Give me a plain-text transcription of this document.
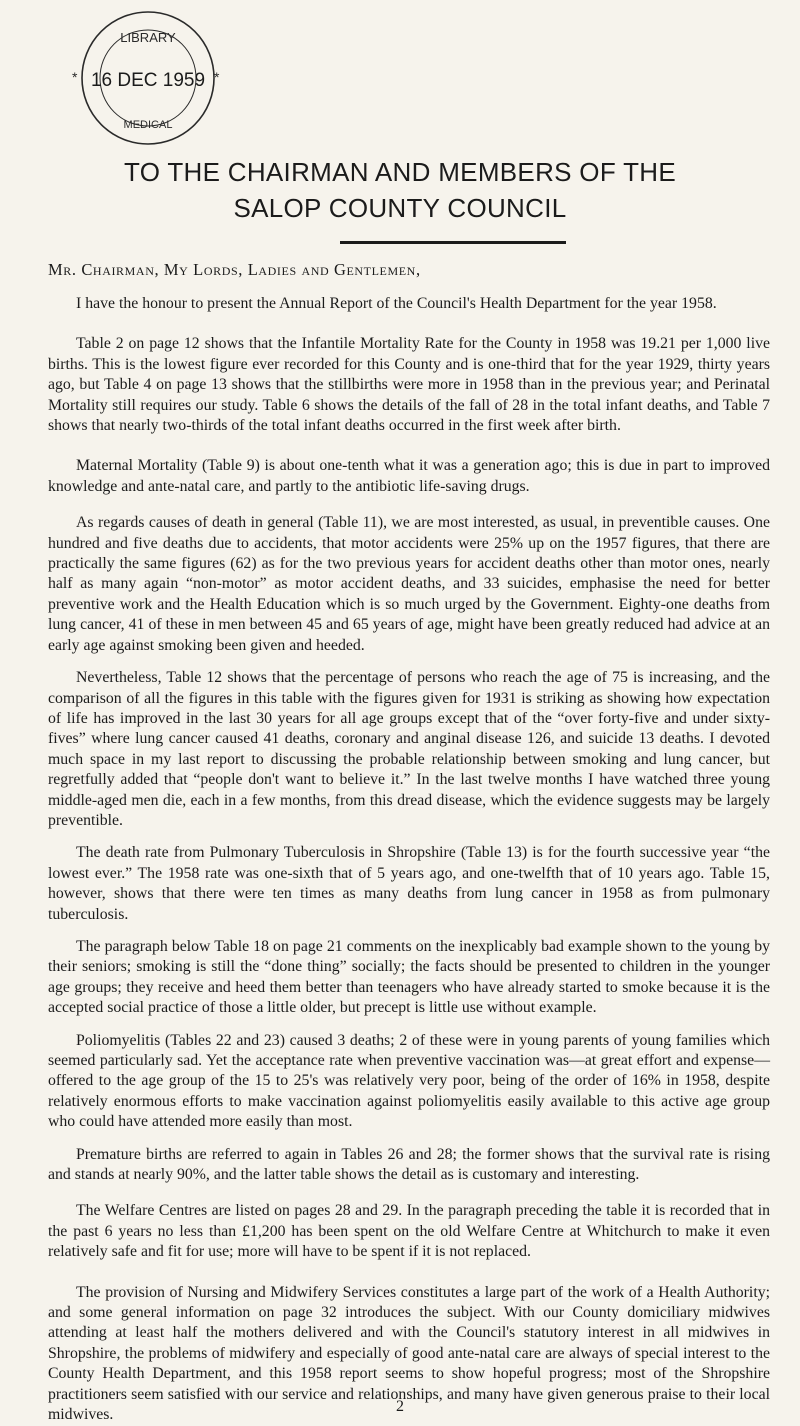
LIBRARY
16 DEC 1959
MEDICAL
*	*
TO THE CHAIRMAN AND MEMBERS OF THE
SALOP COUNTY COUNCIL
Mr. Chairman, My Lords, Ladies and Gentlemen,

I have the honour to present the Annual Report of the Council's Health Department for the year 1958.

Table 2 on page 12 shows that the Infantile Mortality Rate for the County in 1958 was 19.21 per 1,000 live births. This is the lowest figure ever recorded for this County and is one-third that for the year 1929, thirty years ago, but Table 4 on page 13 shows that the stillbirths were more in 1958 than in the previous year; and Perinatal Mortality still requires our study. Table 6 shows the details of the fall of 28 in the total infant deaths, and Table 7 shows that nearly two-thirds of the total infant deaths occurred in the first week after birth.

Maternal Mortality (Table 9) is about one-tenth what it was a generation ago; this is due in part to improved knowledge and ante-natal care, and partly to the antibiotic life-saving drugs.

As regards causes of death in general (Table 11), we are most interested, as usual, in preventible causes. One hundred and five deaths due to accidents, that motor accidents were 25% up on the 1957 figures, that there are practically the same figures (62) as for the two previous years for accident deaths other than motor ones, nearly half as many again “non-motor” as motor accident deaths, and 33 suicides, emphasise the need for better preventive work and the Health Education which is so much urged by the Government. Eighty-one deaths from lung cancer, 41 of these in men between 45 and 65 years of age, might have been greatly reduced had advice at an early age against smoking been given and heeded.

Nevertheless, Table 12 shows that the percentage of persons who reach the age of 75 is increasing, and the comparison of all the figures in this table with the figures given for 1931 is striking as showing how expectation of life has improved in the last 30 years for all age groups except that of the “over forty-five and under sixty-fives” where lung cancer caused 41 deaths, coronary and anginal disease 126, and suicide 13 deaths. I devoted much space in my last report to discussing the probable relationship between smoking and lung cancer, but regretfully added that “people don't want to believe it.” In the last twelve months I have watched three young middle-aged men die, each in a few months, from this dread disease, which the evidence suggests may be largely preventible.

The death rate from Pulmonary Tuberculosis in Shropshire (Table 13) is for the fourth successive year “the lowest ever.” The 1958 rate was one-sixth that of 5 years ago, and one-twelfth that of 10 years ago. Table 15, however, shows that there were ten times as many deaths from lung cancer in 1958 as from pulmonary tuberculosis.

The paragraph below Table 18 on page 21 comments on the inexplicably bad example shown to the young by their seniors; smoking is still the “done thing” socially; the facts should be presented to children in the younger age groups; they receive and heed them better than teenagers who have already started to smoke because it is the accepted social practice of those a little older, but precept is little use without example.

Poliomyelitis (Tables 22 and 23) caused 3 deaths; 2 of these were in young parents of young families which seemed particularly sad. Yet the acceptance rate when preventive vaccination was—at great effort and expense—offered to the age group of the 15 to 25's was relatively very poor, being of the order of 16% in 1958, despite relatively enormous efforts to make vaccination against poliomyelitis easily available to this active age group who could have attended more easily than most.

Premature births are referred to again in Tables 26 and 28; the former shows that the survival rate is rising and stands at nearly 90%, and the latter table shows the detail as is customary and interesting.

The Welfare Centres are listed on pages 28 and 29. In the paragraph preceding the table it is recorded that in the past 6 years no less than £1,200 has been spent on the old Welfare Centre at Whitchurch to make it even relatively safe and fit for use; more will have to be spent if it is not replaced.

The provision of Nursing and Midwifery Services constitutes a large part of the work of a Health Authority; and some general information on page 32 introduces the subject. With our County domiciliary midwives attending at least half the mothers delivered and with the Council's statutory interest in all midwives in Shropshire, the problems of midwifery and especially of good ante-natal care are always of special interest to the County Health Department, and this 1958 report seems to show hopeful progress; most of the Shropshire practitioners seem satisfied with our service and relationships, and many have given generous praise to their local midwives.	2
